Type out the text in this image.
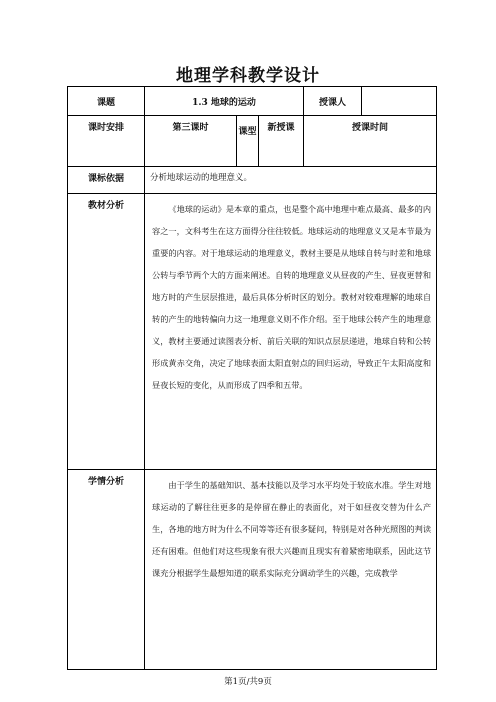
地理学科教学设计
课题	1.3 地球的运动			授课人	
课时安排	第三课时	课型	新授课	授课时间	
课标依据	分析地球运动的地理意义。				
教材分析	《地球的运动》是本章的重点，也是整个高中地理中难点最高、最多的内容之一，文科考生在这方面得分往往较低。地球运动的地理意义又是本节最为重要的内容。对于地球运动的地理意义，教材主要是从地球自转与时差和地球公转与季节两个大的方面来阐述。自转的地理意义从昼夜的产生、昼夜更替和地方时的产生层层推进，最后具体分析时区的划分。教材对较难理解的地球自转的产生的地转偏向力这一地理意义则不作介绍。至于地球公转产生的地理意义，教材主要通过读图表分析、前后关联的知识点层层递进，地球自转和公转形成黄赤交角，决定了地球表面太阳直射点的回归运动，导致正午太阳高度和昼夜长短的变化，从而形成了四季和五带。				
学情分析	由于学生的基础知识、基本技能以及学习水平均处于较底水准。学生对地球运动的了解往往更多的是停留在静止的表面化，对于如昼夜交替为什么产生，各地的地方时为什么不同等等还有很多疑问，特别是对各种光照图的判读还有困难。但他们对这些现象有很大兴趣而且现实有着紧密地联系，因此这节课充分根据学生最想知道的联系实际充分调动学生的兴趣，完成教学				
第1页/共9页
